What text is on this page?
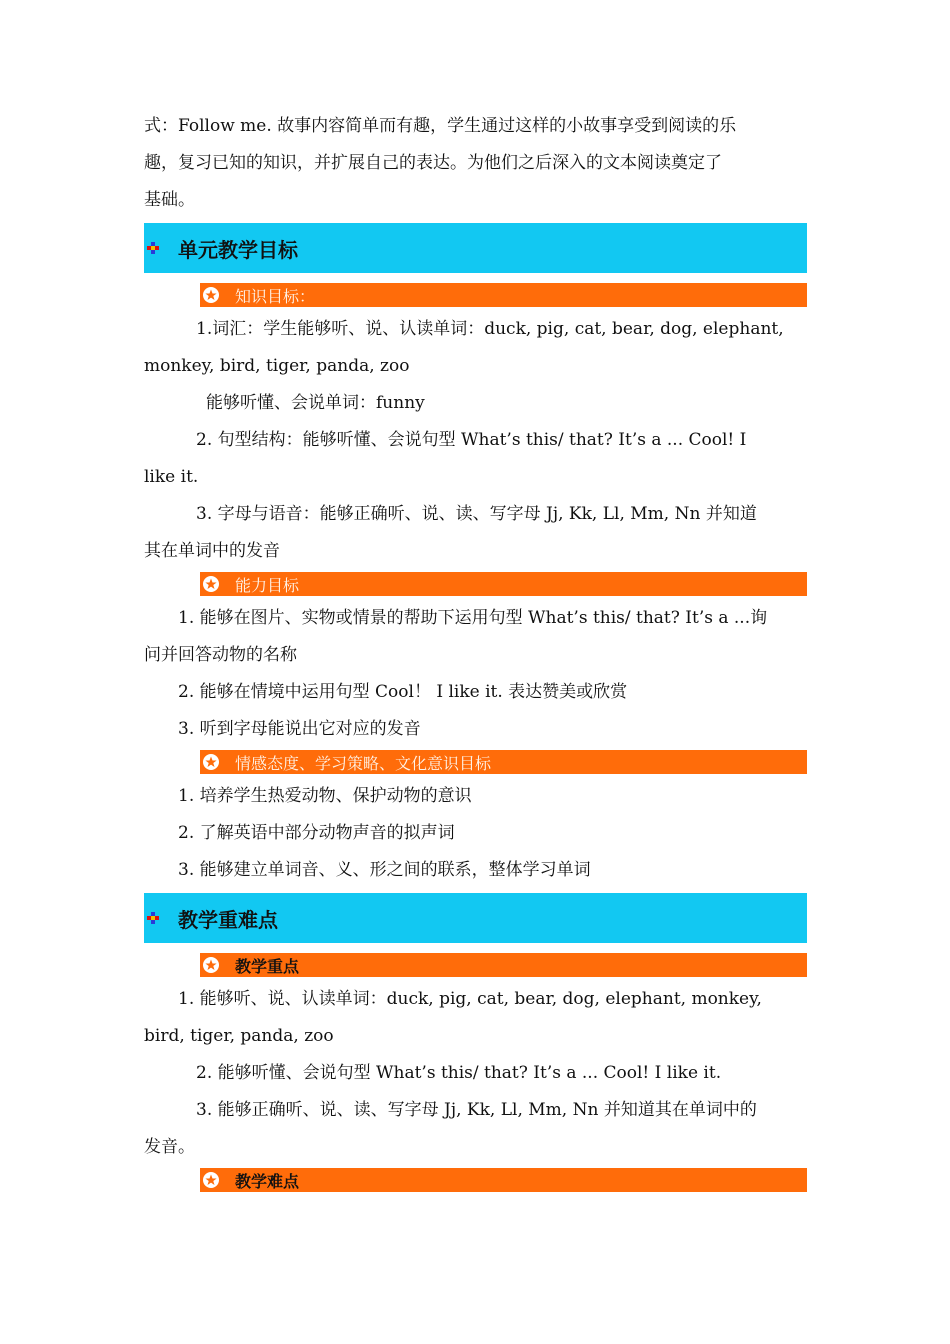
式：Follow me. 故事内容简单而有趣，学生通过这样的小故事享受到阅读的乐

趣，复习已知的知识，并扩展自己的表达。为他们之后深入的文本阅读奠定了

基础。

单元教学目标
知识目标：

1.词汇：学生能够听、说、认读单词：duck, pig, cat, bear, dog, elephant,

monkey, bird, tiger, panda, zoo

能够听懂、会说单词：funny

2. 句型结构：能够听懂、会说句型 What’s this/ that? It’s a ... Cool! I

like it.

3. 字母与语音：能够正确听、说、读、写字母 Jj, Kk, Ll, Mm, Nn 并知道

其在单词中的发音

能力目标

1. 能够在图片、实物或情景的帮助下运用句型 What’s this/ that? It’s a ...询

问并回答动物的名称

2. 能够在情境中运用句型 Cool！ I like it. 表达赞美或欣赏

3. 听到字母能说出它对应的发音

情感态度、学习策略、文化意识目标

1. 培养学生热爱动物、保护动物的意识

2. 了解英语中部分动物声音的拟声词

3. 能够建立单词音、义、形之间的联系，整体学习单词

教学重难点
教学重点

1. 能够听、说、认读单词：duck, pig, cat, bear, dog, elephant, monkey,

bird, tiger, panda, zoo

2. 能够听懂、会说句型 What’s this/ that? It’s a ... Cool! I like it.

3. 能够正确听、说、读、写字母 Jj, Kk, Ll, Mm, Nn 并知道其在单词中的

发音。

教学难点
